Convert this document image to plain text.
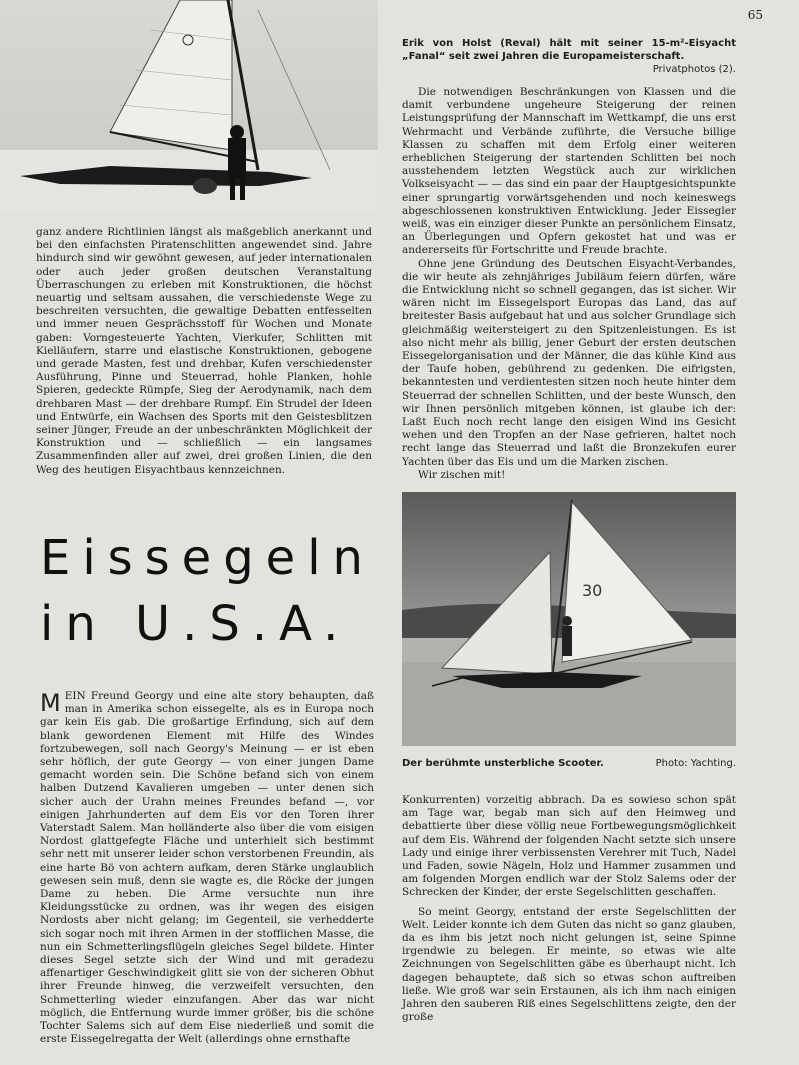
65
Erik von Holst (Reval) hält mit seiner 15-m²-Eisyacht „Fanal“ seit zwei Jahren die Europameisterschaft.
Privatphotos (2).

ganz andere Richtlinien längst als maßgeblich anerkannt und bei den einfachsten Piratenschlitten angewendet sind. Jahre hindurch sind wir gewöhnt gewesen, auf jeder internationalen oder auch jeder großen deutschen Veranstaltung Überraschungen zu erleben mit Konstruktionen, die höchst neuartig und seltsam aussahen, die verschiedenste Wege zu beschreiten versuchten, die gewaltige Debatten entfesselten und immer neuen Gesprächsstoff für Wochen und Monate gaben: Vorngesteuerte Yachten, Vierkufer, Schlitten mit Kielläufern, starre und elastische Konstruktionen, gebogene und gerade Masten, fest und drehbar, Kufen verschiedenster Ausführung, Pinne und Steuerrad, hohle Planken, hohle Spieren, gedeckte Rümpfe, Sieg der Aerodynamik, nach dem drehbaren Mast — der drehbare Rumpf. Ein Strudel der Ideen und Entwürfe, ein Wachsen des Sports mit den Geistesblitzen seiner Jünger, Freude an der unbeschränkten Möglichkeit der Konstruktion und — schließlich — ein langsames Zusammenfinden aller auf zwei, drei großen Linien, die den Weg des heutigen Eisyachtbaus kennzeichnen.

Die notwendigen Beschränkungen von Klassen und die damit verbundene ungeheure Steigerung der reinen Leistungsprüfung der Mannschaft im Wettkampf, die uns erst Wehrmacht und Verbände zuführte, die Versuche billige Klassen zu schaffen mit dem Erfolg einer weiteren erheblichen Steigerung der startenden Schlitten bei noch ausstehendem letzten Wegstück auch zur wirklichen Volkseisyacht — — das sind ein paar der Hauptgesichtspunkte einer sprungartig vorwärtsgehenden und noch keineswegs abgeschlossenen konstruktiven Entwicklung. Jeder Eissegler weiß, was ein einziger dieser Punkte an persönlichem Einsatz, an Überlegungen und Opfern gekostet hat und was er andererseits für Fortschritte und Freude brachte.

Ohne jene Gründung des Deutschen Eisyacht-Verbandes, die wir heute als zehnjähriges Jubiläum feiern dürfen, wäre die Entwicklung nicht so schnell gegangen, das ist sicher. Wir wären nicht im Eissegelsport Europas das Land, das auf breitester Basis aufgebaut hat und aus solcher Grundlage sich gleichmäßig weitersteigert zu den Spitzenleistungen. Es ist also nicht mehr als billig, jener Geburt der ersten deutschen Eissegelorganisation und der Männer, die das kühle Kind aus der Taufe hoben, gebührend zu gedenken. Die eifrigsten, bekanntesten und verdientesten sitzen noch heute hinter dem Steuerrad der schnellen Schlitten, und der beste Wunsch, den wir Ihnen persönlich mitgeben können, ist glaube ich der: Laßt Euch noch recht lange den eisigen Wind ins Gesicht wehen und den Tropfen an der Nase gefrieren, haltet noch recht lange das Steuerrad und laßt die Bronzekufen eurer Yachten über das Eis und um die Marken zischen.

Wir zischen mit!

Eissegeln
in U.S.A.
30
Der berühmte unsterbliche Scooter.	Photo: Yachting.

MEIN Freund Georgy und eine alte story behaupten, daß man in Amerika schon eissegelte, als es in Europa noch gar kein Eis gab. Die großartige Erfindung, sich auf dem blank gewordenen Element mit Hilfe des Windes fortzubewegen, soll nach Georgy's Meinung — er ist eben sehr höflich, der gute Georgy — von einer jungen Dame gemacht worden sein. Die Schöne befand sich von einem halben Dutzend Kavalieren umgeben — unter denen sich sicher auch der Urahn meines Freundes befand —, vor einigen Jahrhunderten auf dem Eis vor den Toren ihrer Vaterstadt Salem. Man holländerte also über die vom eisigen Nordost glattgefegte Fläche und unterhielt sich bestimmt sehr nett mit unserer leider schon verstorbenen Freundin, als eine harte Bö von achtern aufkam, deren Stärke unglaublich gewesen sein muß, denn sie wagte es, die Röcke der jungen Dame zu heben. Die Arme versuchte nun ihre Kleidungsstücke zu ordnen, was ihr wegen des eisigen Nordosts aber nicht gelang; im Gegenteil, sie verhedderte sich sogar noch mit ihren Armen in der stofflichen Masse, die nun ein Schmetterlingsflügeln gleiches Segel bildete. Hinter dieses Segel setzte sich der Wind und mit geradezu affenartiger Geschwindigkeit glitt sie von der sicheren Obhut ihrer Freunde hinweg, die verzweifelt versuchten, den Schmetterling wieder einzufangen. Aber das war nicht möglich, die Entfernung wurde immer größer, bis die schöne Tochter Salems sich auf dem Eise niederließ und somit die erste Eissegelregatta der Welt (allerdings ohne ernsthafte

Konkurrenten) vorzeitig abbrach. Da es sowieso schon spät am Tage war, begab man sich auf den Heimweg und debattierte über diese völlig neue Fortbewegungsmöglichkeit auf dem Eis. Während der folgenden Nacht setzte sich unsere Lady und einige ihrer verbissensten Verehrer mit Tuch, Nadel und Faden, sowie Nägeln, Holz und Hammer zusammen und am folgenden Morgen endlich war der Stolz Salems oder der Schrecken der Kinder, der erste Segelschlitten geschaffen.

So meint Georgy, entstand der erste Segelschlitten der Welt. Leider konnte ich dem Guten das nicht so ganz glauben, da es ihm bis jetzt noch nicht gelungen ist, seine Spinne irgendwie zu belegen. Er meinte, so etwas wie alte Zeichnungen von Segelschlitten gäbe es überhaupt nicht. Ich dagegen behauptete, daß sich so etwas schon auftreiben ließe. Wie groß war sein Erstaunen, als ich ihm nach einigen Jahren den sauberen Riß eines Segelschlittens zeigte, den der große
